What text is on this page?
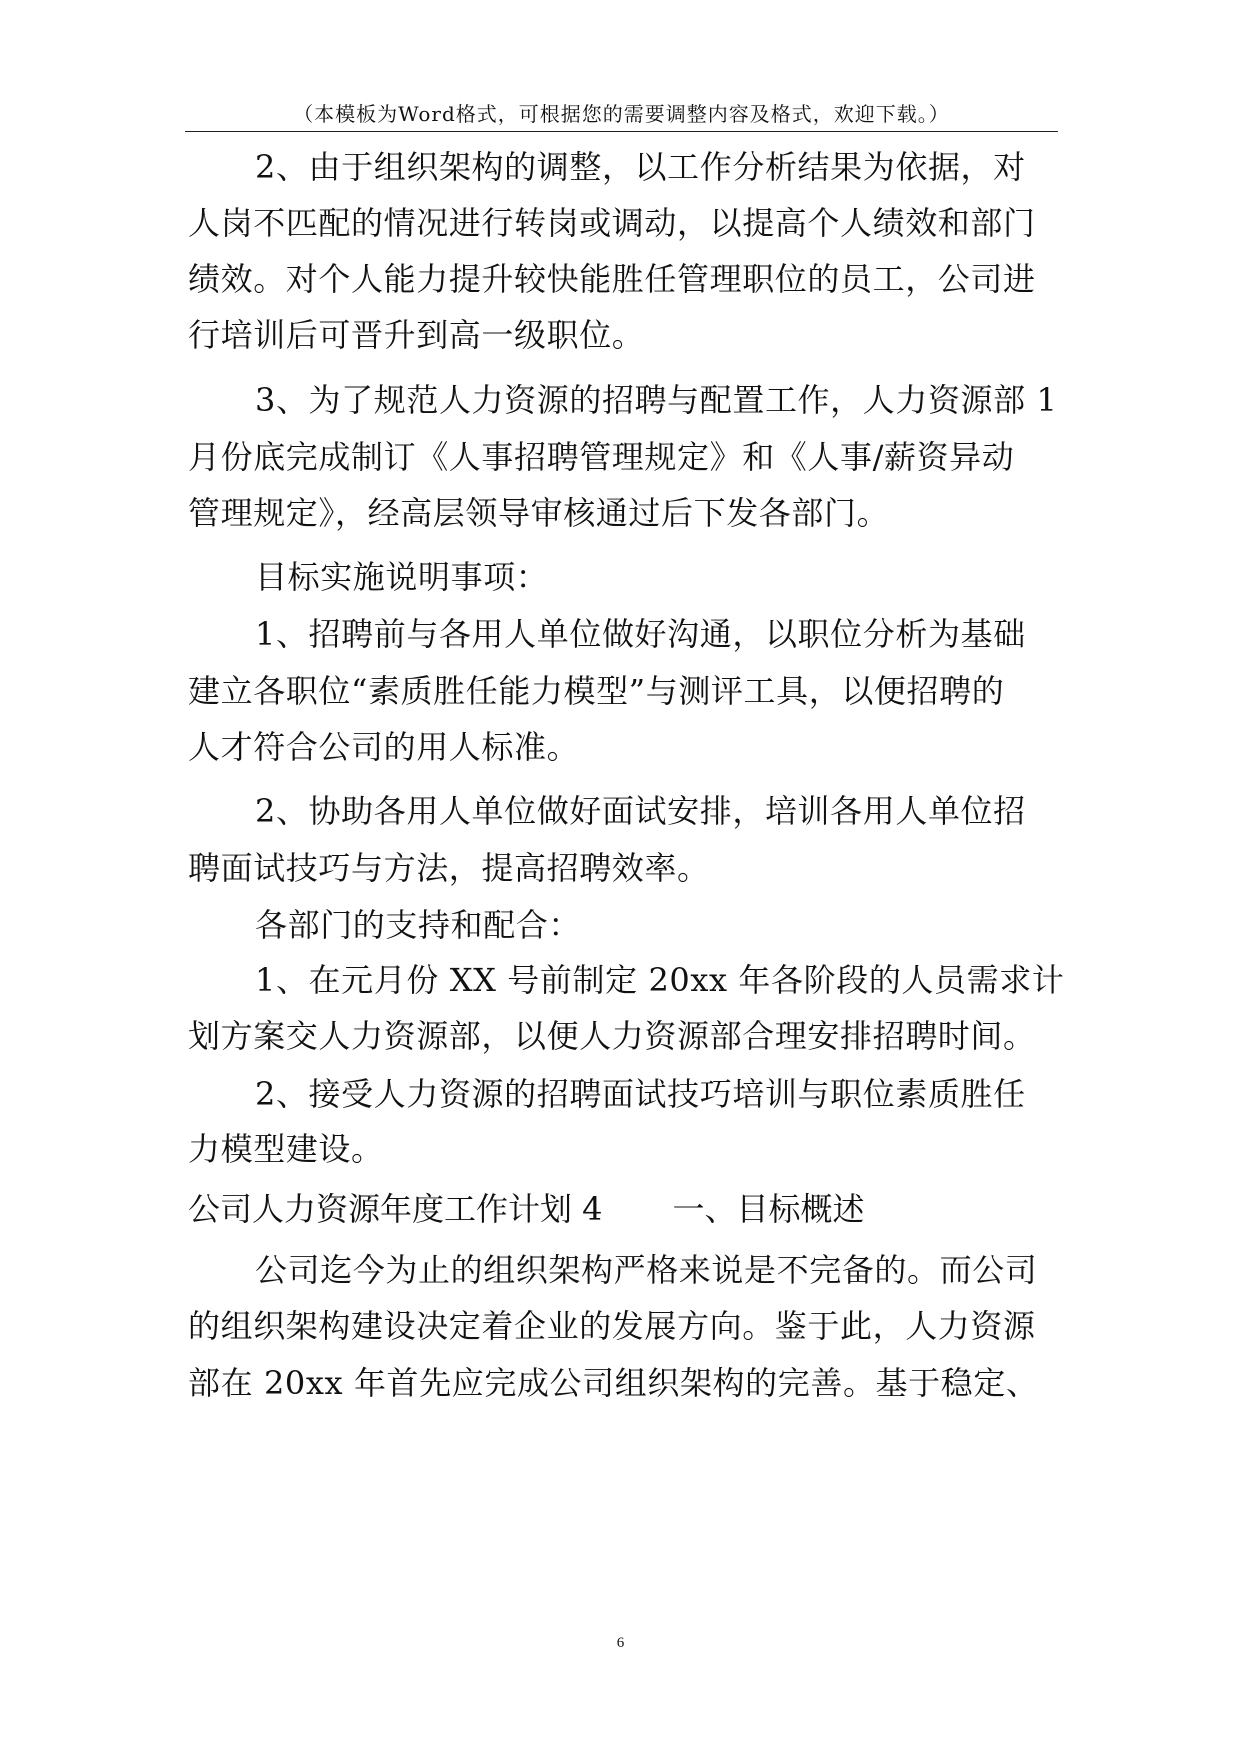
（本模板为Word格式，可根据您的需要调整内容及格式，欢迎下载。）
2、由于组织架构的调整，以工作分析结果为依据，对
人岗不匹配的情况进行转岗或调动，以提高个人绩效和部门
绩效。对个人能力提升较快能胜任管理职位的员工，公司进
行培训后可晋升到高一级职位。
3、为了规范人力资源的招聘与配置工作，人力资源部 1
月份底完成制订《人事招聘管理规定》和《人事/薪资异动
管理规定》，经高层领导审核通过后下发各部门。
目标实施说明事项：
1、招聘前与各用人单位做好沟通，以职位分析为基础
建立各职位“素质胜任能力模型”与测评工具，以便招聘的
人才符合公司的用人标准。
2、协助各用人单位做好面试安排，培训各用人单位招
聘面试技巧与方法，提高招聘效率。
各部门的支持和配合：
1、在元月份 XX 号前制定 20xx 年各阶段的人员需求计
划方案交人力资源部，以便人力资源部合理安排招聘时间。
2、接受人力资源的招聘面试技巧培训与职位素质胜任
力模型建设。
公司人力资源年度工作计划 4 一、目标概述
公司迄今为止的组织架构严格来说是不完备的。而公司
的组织架构建设决定着企业的发展方向。鉴于此，人力资源
部在 20xx 年首先应完成公司组织架构的完善。基于稳定、
6
